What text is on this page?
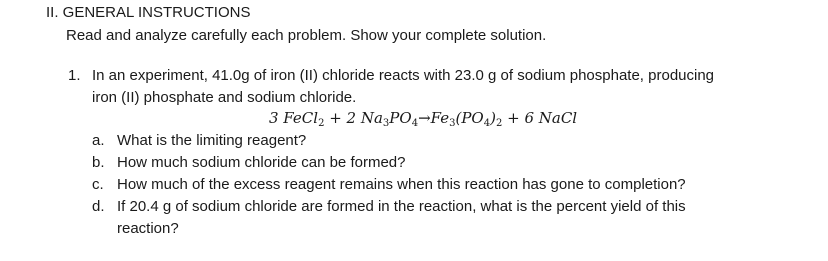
II. GENERAL INSTRUCTIONS
Read and analyze carefully each problem. Show your complete solution.
1. In an experiment, 41.0g of iron (II) chloride reacts with 23.0 g of sodium phosphate, producing
iron (II) phosphate and sodium chloride.
3 FeCl$_2$ + 2 $Na_3PO_4\to Fe_3(PO_4)_2 + 6$ NaCl
a. What is the limiting reagent?
b. How much sodium chloride can be formed?
c. How much of the excess reagent remains when this reaction has gone to completion?
d. If 20.4 g of sodium chloride are formed in the reaction, what is the percent yield of this
reaction?
